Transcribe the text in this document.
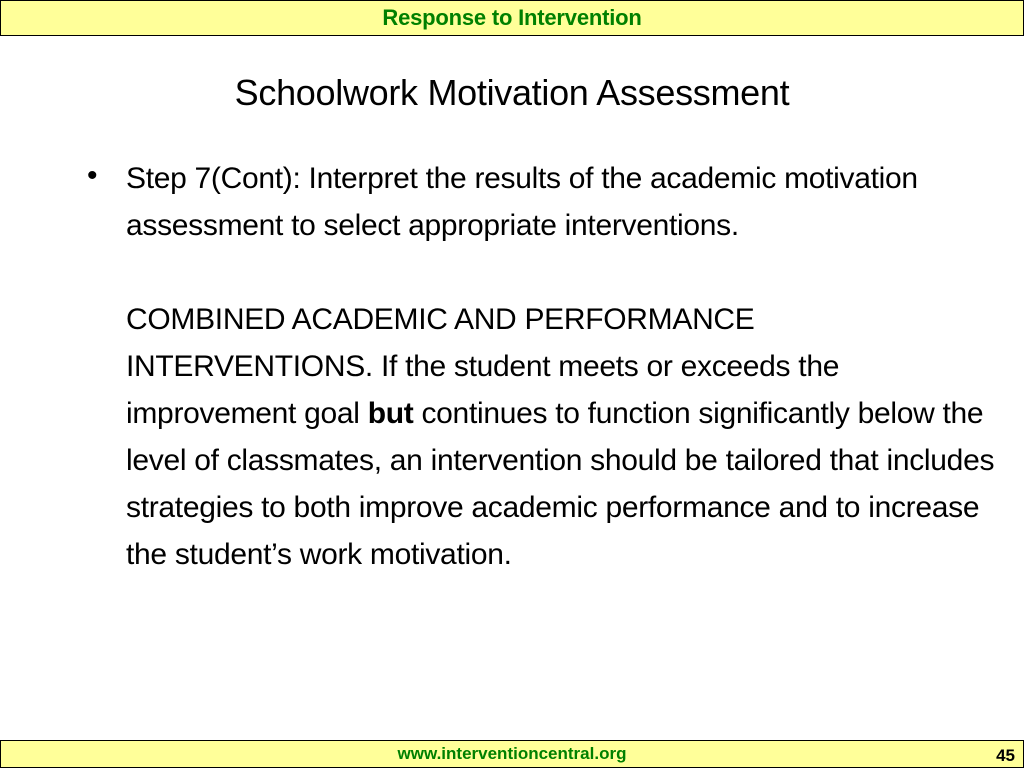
Response to Intervention
Schoolwork Motivation Assessment
• Step 7(Cont): Interpret the results of the academic motivation assessment to select appropriate interventions.

COMBINED ACADEMIC AND PERFORMANCE INTERVENTIONS. If the student meets or exceeds the improvement goal but continues to function significantly below the level of classmates, an intervention should be tailored that includes strategies to both improve academic performance and to increase the student’s work motivation.

www.interventioncentral.org	45
